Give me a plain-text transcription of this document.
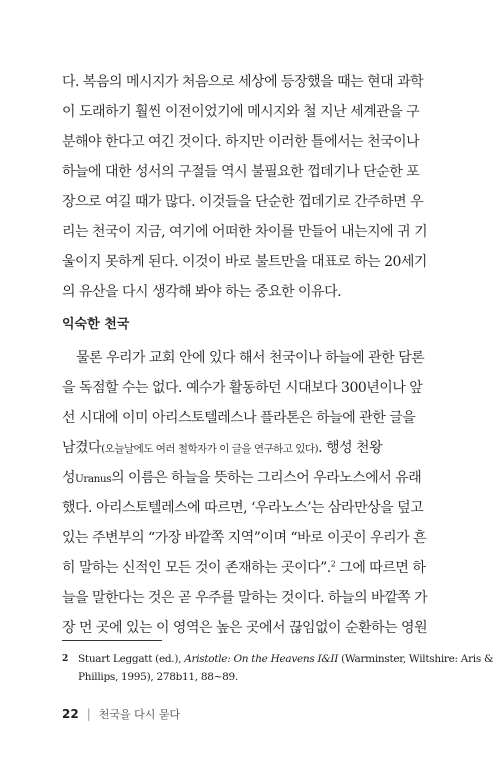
다. 복음의 메시지가 처음으로 세상에 등장했을 때는 현대 과학
이 도래하기 훨씬 이전이었기에 메시지와 철 지난 세계관을 구
분해야 한다고 여긴 것이다. 하지만 이러한 틀에서는 천국이나
하늘에 대한 성서의 구절들 역시 불필요한 껍데기나 단순한 포
장으로 여길 때가 많다. 이것들을 단순한 껍데기로 간주하면 우
리는 천국이 지금, 여기에 어떠한 차이를 만들어 내는지에 귀 기
울이지 못하게 된다. 이것이 바로 불트만을 대표로 하는 20세기
의 유산을 다시 생각해 봐야 하는 중요한 이유다.
익숙한 천국
물론 우리가 교회 안에 있다 해서 천국이나 하늘에 관한 담론
을 독점할 수는 없다. 예수가 활동하던 시대보다 300년이나 앞
선 시대에 이미 아리스토텔레스나 플라톤은 하늘에 관한 글을
남겼다(오늘날에도 여러 철학자가 이 글을 연구하고 있다). 행성 천왕
성Uranus의 이름은 하늘을 뜻하는 그리스어 우라노스에서 유래
했다. 아리스토텔레스에 따르면, ‘우라노스’는 삼라만상을 덮고
있는 주변부의 “가장 바깥쪽 지역”이며 “바로 이곳이 우리가 흔
히 말하는 신적인 모든 것이 존재하는 곳이다”.$^2$ 그에 따르면 하
늘을 말한다는 것은 곧 우주를 말하는 것이다. 하늘의 바깥쪽 가
장 먼 곳에 있는 이 영역은 높은 곳에서 끊임없이 순환하는 영원
2 Stuart Leggatt (ed.), Aristotle: On the Heavens I&II (Warminster, Wiltshire: Aris &
Phillips, 1995), 278b11, 88~89.
22 | 천국을 다시 묻다
